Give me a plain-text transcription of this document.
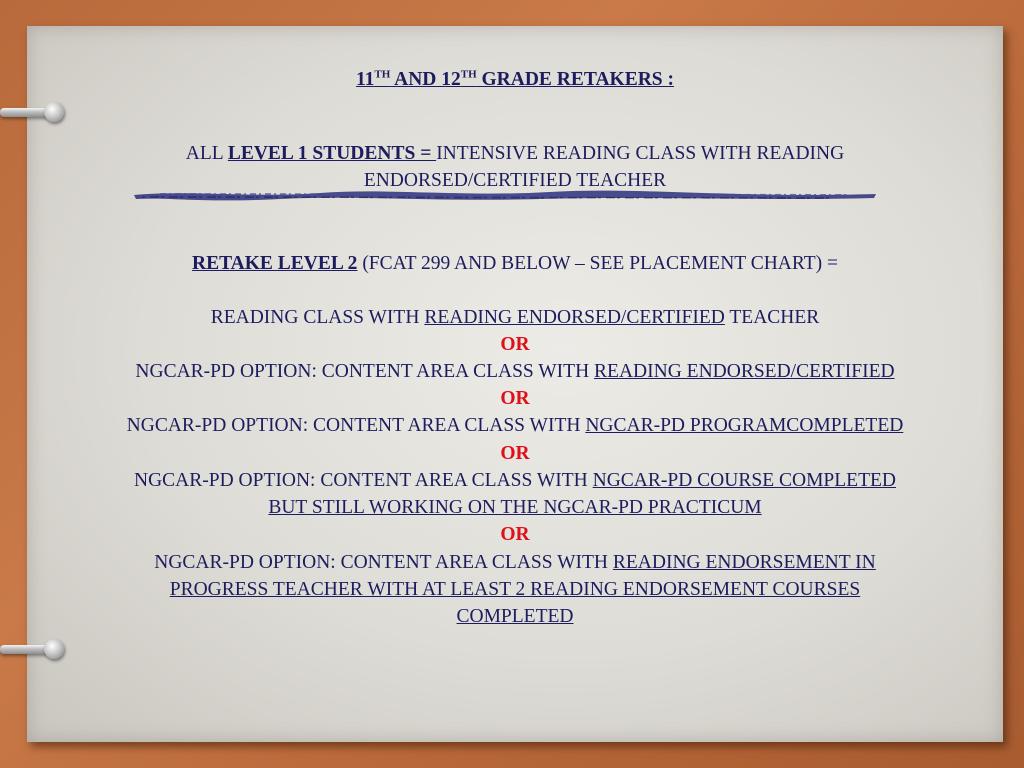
11TH AND 12TH GRADE RETAKERS :
ALL LEVEL 1 STUDENTS = INTENSIVE READING CLASS WITH READING
ENDORSED/CERTIFIED TEACHER
RETAKE LEVEL 2 (FCAT 299 AND BELOW – SEE PLACEMENT CHART) =
READING CLASS WITH READING ENDORSED/CERTIFIED TEACHER
OR
NGCAR-PD OPTION: CONTENT AREA CLASS WITH READING ENDORSED/CERTIFIED
OR
NGCAR-PD OPTION: CONTENT AREA CLASS WITH NGCAR-PD PROGRAMCOMPLETED
OR
NGCAR-PD OPTION: CONTENT AREA CLASS WITH NGCAR-PD COURSE COMPLETED
BUT STILL WORKING ON THE NGCAR-PD PRACTICUM
OR
NGCAR-PD OPTION: CONTENT AREA CLASS WITH READING ENDORSEMENT IN
PROGRESS TEACHER WITH AT LEAST 2 READING ENDORSEMENT COURSES
COMPLETED
